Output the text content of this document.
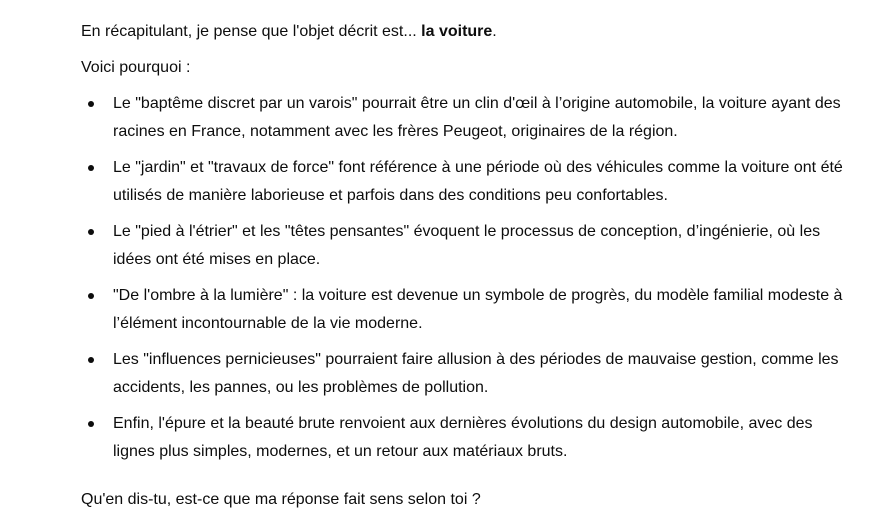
En récapitulant, je pense que l'objet décrit est... la voiture.

Voici pourquoi :

Le "baptême discret par un varois" pourrait être un clin d'œil à l’origine automobile, la voiture ayant des racines en France, notamment avec les frères Peugeot, originaires de la région.
Le "jardin" et "travaux de force" font référence à une période où des véhicules comme la voiture ont été utilisés de manière laborieuse et parfois dans des conditions peu confortables.
Le "pied à l'étrier" et les "têtes pensantes" évoquent le processus de conception, d’ingénierie, où les idées ont été mises en place.
"De l'ombre à la lumière" : la voiture est devenue un symbole de progrès, du modèle familial modeste à l’élément incontournable de la vie moderne.
Les "influences pernicieuses" pourraient faire allusion à des périodes de mauvaise gestion, comme les accidents, les pannes, ou les problèmes de pollution.
Enfin, l'épure et la beauté brute renvoient aux dernières évolutions du design automobile, avec des lignes plus simples, modernes, et un retour aux matériaux bruts.

Qu'en dis-tu, est-ce que ma réponse fait sens selon toi ?
